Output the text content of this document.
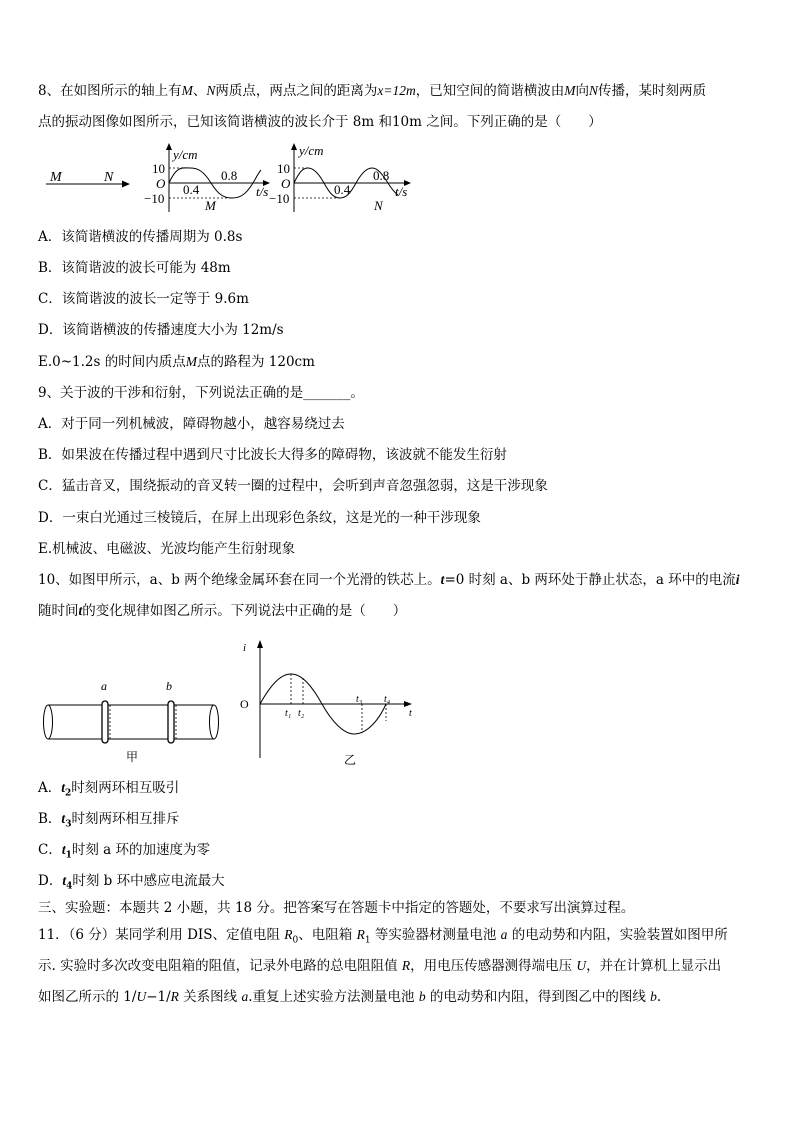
8、在如图所示的轴上有M、N两质点，两点之间的距离为x=12m，已知空间的简谐横波由M向N传播，某时刻两质
点的振动图像如图所示，已知该简谐横波的波长介于 8m 和10m 之间。下列正确的是（　　）
M	N
y/cm
t/s
10
O
−10
0.4
0.8
M
y/cm
t/s
10
O
−10
0.4
0.8
N
A．该简谐横波的传播周期为 0.8s
B．该简谐波的波长可能为 48m
C．该简谐波的波长一定等于 9.6m
D．该简谐横波的传播速度大小为 12m/s
E.0~1.2s 的时间内质点M点的路程为 120cm
9、关于波的干涉和衍射，下列说法正确的是_______。
A．对于同一列机械波，障碍物越小，越容易绕过去
B．如果波在传播过程中遇到尺寸比波长大得多的障碍物，该波就不能发生衍射
C．猛击音叉，围绕振动的音叉转一圈的过程中，会听到声音忽强忽弱，这是干涉现象
D．一束白光通过三棱镜后，在屏上出现彩色条纹，这是光的一种干涉现象
E.机械波、电磁波、光波均能产生衍射现象
10、如图甲所示，a、b 两个绝缘金属环套在同一个光滑的铁芯上。t=0 时刻 a、b 两环处于静止状态，a 环中的电流i
随时间t的变化规律如图乙所示。下列说法中正确的是（　　）
a	b
甲
i
O
t
t₁ t₂
t₃ t₄
乙
A．$t_2$时刻两环相互吸引
B．$t_3$时刻两环相互排斥
C．$t_1$时刻 a 环的加速度为零
D．$t_4$时刻 b 环中感应电流最大
三、实验题：本题共 2 小题，共 18 分。把答案写在答题卡中指定的答题处，不要求写出演算过程。
11．（6 分）某同学利用 DIS、定值电阻 $R_0$、电阻箱 $R_1$ 等实验器材测量电池 a 的电动势和内阻，实验装置如图甲所
示. 实验时多次改变电阻箱的阻值，记录外电路的总电阻阻值 R，用电压传感器测得端电压 U，并在计算机上显示出
如图乙所示的 1/U−1/R 关系图线 a.重复上述实验方法测量电池 b 的电动势和内阻，得到图乙中的图线 b.
